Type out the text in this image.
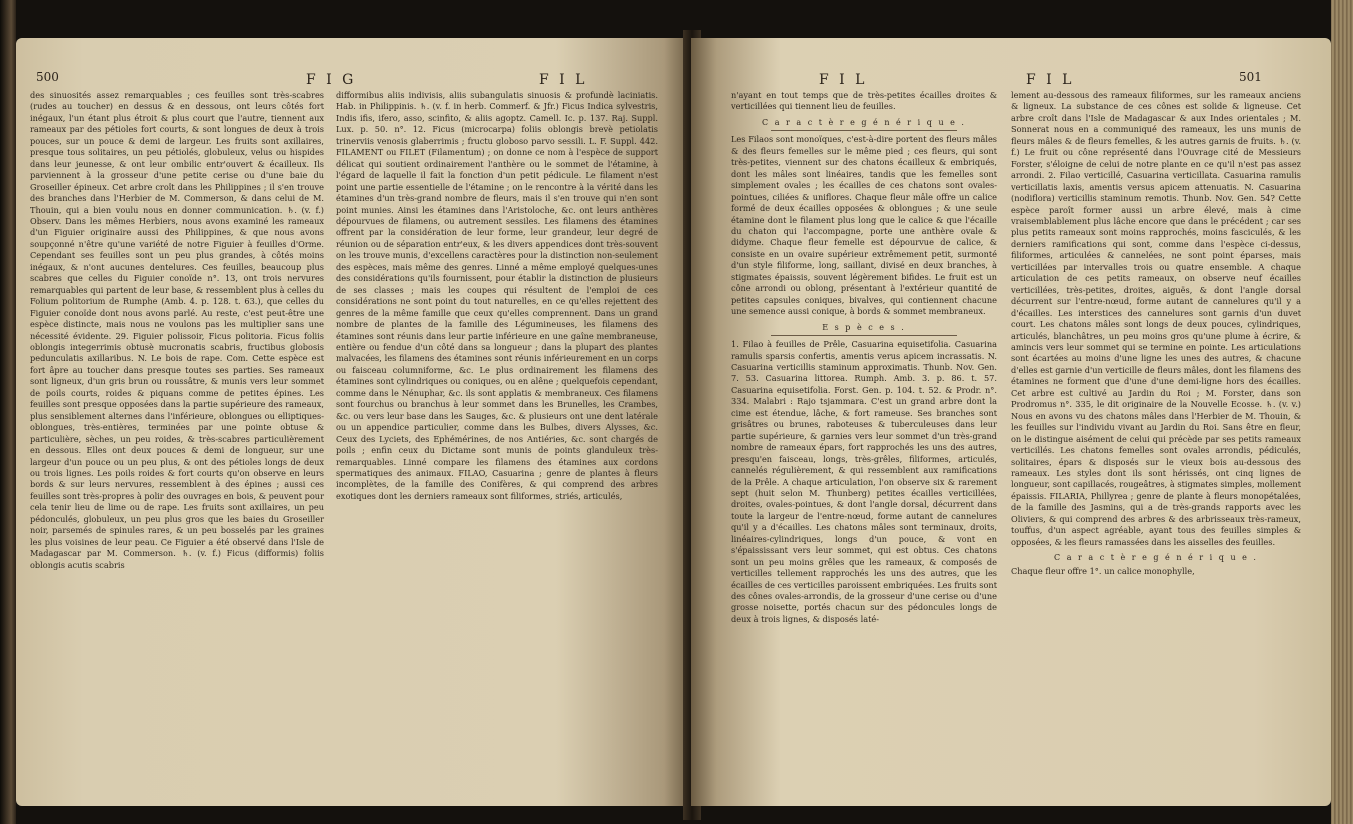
500	F I G	F I L

des sinuosités assez remarquables ; ces feuilles sont très-scabres (rudes au toucher) en dessus & en dessous, ont leurs côtés fort inégaux, l'un étant plus étroit & plus court que l'autre, tiennent aux rameaux par des pétioles fort courts, & sont longues de deux à trois pouces, sur un pouce & demi de largeur. Les fruits sont axillaires, presque tous solitaires, un peu pétiolés, globuleux, velus ou hispides dans leur jeunesse, & ont leur ombilic entr'ouvert & écailleux. Ils parviennent à la grosseur d'une petite cerise ou d'une baie du Groseiller épineux. Cet arbre croît dans les Philippines ; il s'en trouve des branches dans l'Herbier de M. Commerson, & dans celui de M. Thouin, qui a bien voulu nous en donner communication. ♄. (v. f.) Observ. Dans les mêmes Herbiers, nous avons examiné les rameaux d'un Figuier originaire aussi des Philippines, & que nous avons soupçonné n'être qu'une variété de notre Figuier à feuilles d'Orme. Cependant ses feuilles sont un peu plus grandes, à côtés moins inégaux, & n'ont aucunes dentelures. Ces feuilles, beaucoup plus scabres que celles du Figuier conoïde n°. 13, ont trois nervures remarquables qui partent de leur base, & ressemblent plus à celles du Folium politorium de Rumphe (Amb. 4. p. 128. t. 63.), que celles du Figuier conoïde dont nous avons parlé. Au reste, c'est peut-être une espèce distincte, mais nous ne voulons pas les multiplier sans une nécessité évidente. 29. Figuier polissoir, Ficus politoria. Ficus foliis oblongis integerrimis obtusè mucronatis scabris, fructibus globosis pedunculatis axillaribus. N. Le bois de rape. Com. Cette espèce est fort âpre au toucher dans presque toutes ses parties. Ses rameaux sont ligneux, d'un gris brun ou roussâtre, & munis vers leur sommet de poils courts, roides & piquans comme de petites épines. Les feuilles sont presque opposées dans la partie supérieure des rameaux, plus sensiblement alternes dans l'inférieure, oblongues ou elliptiques-oblongues, très-entières, terminées par une pointe obtuse & particulière, sèches, un peu roides, & très-scabres particulièrement en dessous. Elles ont deux pouces & demi de longueur, sur une largeur d'un pouce ou un peu plus, & ont des pétioles longs de deux ou trois lignes. Les poils roides & fort courts qu'on observe en leurs bords & sur leurs nervures, ressemblent à des épines ; aussi ces feuilles sont très-propres à polir des ouvrages en bois, & peuvent pour cela tenir lieu de lime ou de rape. Les fruits sont axillaires, un peu pédonculés, globuleux, un peu plus gros que les baies du Groseiller noir, parsemés de spinules rares, & un peu bosselés par les graines les plus voisines de leur peau. Ce Figuier a été observé dans l'Isle de Madagascar par M. Commerson. ♄. (v. f.) Ficus (difformis) foliis oblongis acutis scabris

difformibus aliis indivisis, aliis subangulatis sinuosis & profundè laciniatis. Hab. in Philippinis. ♄. (v. f. in herb. Commerf. & Jfr.) Ficus Indica sylvestris, Indis ifis, ifero, asso, scinfito, & aliis agoptz. Camell. Ic. p. 137. Raj. Suppl. Lux. p. 50. n°. 12. Ficus (microcarpa) foliis oblongis brevè petiolatis trinerviis venosis glaberrimis ; fructu globoso parvo sessili. L. F. Suppl. 442. FILAMENT ou FILET (Filamentum) ; on donne ce nom à l'espèce de support délicat qui soutient ordinairement l'anthère ou le sommet de l'étamine, à l'égard de laquelle il fait la fonction d'un petit pédicule. Le filament n'est point une partie essentielle de l'étamine ; on le rencontre à la vérité dans les étamines d'un très-grand nombre de fleurs, mais il s'en trouve qui n'en sont point munies. Ainsi les étamines dans l'Aristoloche, &c. ont leurs anthères dépourvues de filamens, ou autrement sessiles. Les filamens des étamines offrent par la considération de leur forme, leur grandeur, leur degré de réunion ou de séparation entr'eux, & les divers appendices dont très-souvent on les trouve munis, d'excellens caractères pour la distinction non-seulement des espèces, mais même des genres. Linné a même employé quelques-unes des considérations qu'ils fournissent, pour établir la distinction de plusieurs de ses classes ; mais les coupes qui résultent de l'emploi de ces considérations ne sont point du tout naturelles, en ce qu'elles rejettent des genres de la même famille que ceux qu'elles comprennent. Dans un grand nombre de plantes de la famille des Légumineuses, les filamens des étamines sont réunis dans leur partie inférieure en une gaîne membraneuse, entière ou fendue d'un côté dans sa longueur ; dans la plupart des plantes malvacées, les filamens des étamines sont réunis inférieurement en un corps ou faisceau columniforme, &c. Le plus ordinairement les filamens des étamines sont cylindriques ou coniques, ou en alêne ; quelquefois cependant, comme dans le Nénuphar, &c. ils sont applatis & membraneux. Ces filamens sont fourchus ou branchus à leur sommet dans les Brunelles, les Crambes, &c. ou vers leur base dans les Sauges, &c. & plusieurs ont une dent latérale ou un appendice particulier, comme dans les Bulbes, divers Alysses, &c. Ceux des Lyciets, des Ephémérines, de nos Antiéries, &c. sont chargés de poils ; enfin ceux du Dictame sont munis de points glanduleux très-remarquables. Linné compare les filamens des étamines aux cordons spermatiques des animaux. FILAO, Casuarina ; genre de plantes à fleurs incomplètes, de la famille des Conifères, & qui comprend des arbres exotiques dont les derniers rameaux sont filiformes, striés, articulés,

F I L	F I L	501

n'ayant en tout temps que de très-petites écailles droites & verticillées qui tiennent lieu de feuilles.

C a r a c t è r e g é n é r i q u e .

Les Filaos sont monoïques, c'est-à-dire portent des fleurs mâles & des fleurs femelles sur le même pied ; ces fleurs, qui sont très-petites, viennent sur des chatons écailleux & embriqués, dont les mâles sont linéaires, tandis que les femelles sont simplement ovales ; les écailles de ces chatons sont ovales-pointues, ciliées & uniflores. Chaque fleur mâle offre un calice formé de deux écailles opposées & oblongues ; & une seule étamine dont le filament plus long que le calice & que l'écaille du chaton qui l'accompagne, porte une anthère ovale & didyme. Chaque fleur femelle est dépourvue de calice, & consiste en un ovaire supérieur extrêmement petit, surmonté d'un style filiforme, long, saillant, divisé en deux branches, à stigmates épaissis, souvent légèrement bifides. Le fruit est un cône arrondi ou oblong, présentant à l'extérieur quantité de petites capsules coniques, bivalves, qui contiennent chacune une semence aussi conique, à bords & sommet membraneux.

E s p è c e s .

1. Filao à feuilles de Prêle, Casuarina equisetifolia. Casuarina ramulis sparsis confertis, amentis verus apicem incrassatis. N. Casuarina verticillis staminum approximatis. Thunb. Nov. Gen. 7. 53. Casuarina littorea. Rumph. Amb. 3. p. 86. t. 57. Casuarina equisetifolia. Forst. Gen. p. 104. t. 52. & Prodr. n°. 334. Malabri : Rajo tsjammara. C'est un grand arbre dont la cime est étendue, lâche, & fort rameuse. Ses branches sont grisâtres ou brunes, raboteuses & tuberculeuses dans leur partie supérieure, & garnies vers leur sommet d'un très-grand nombre de rameaux épars, fort rapprochés les uns des autres, presqu'en faisceau, longs, très-grêles, filiformes, articulés, cannelés régulièrement, & qui ressemblent aux ramifications de la Prêle. A chaque articulation, l'on observe six & rarement sept (huit selon M. Thunberg) petites écailles verticillées, droites, ovales-pointues, & dont l'angle dorsal, décurrent dans toute la largeur de l'entre-nœud, forme autant de cannelures qu'il y a d'écailles. Les chatons mâles sont terminaux, droits, linéaires-cylindriques, longs d'un pouce, & vont en s'épaississant vers leur sommet, qui est obtus. Ces chatons sont un peu moins grêles que les rameaux, & composés de verticilles tellement rapprochés les uns des autres, que les écailles de ces verticilles paroissent embriquées. Les fruits sont des cônes ovales-arrondis, de la grosseur d'une cerise ou d'une grosse noisette, portés chacun sur des pédoncules longs de deux à trois lignes, & disposés laté-

lement au-dessous des rameaux filiformes, sur les rameaux anciens & ligneux. La substance de ces cônes est solide & ligneuse. Cet arbre croît dans l'Isle de Madagascar & aux Indes orientales ; M. Sonnerat nous en a communiqué des rameaux, les uns munis de fleurs mâles & de fleurs femelles, & les autres garnis de fruits. ♄. (v. f.) Le fruit ou cône représenté dans l'Ouvrage cité de Messieurs Forster, s'éloigne de celui de notre plante en ce qu'il n'est pas assez arrondi. 2. Filao verticillé, Casuarina verticillata. Casuarina ramulis verticillatis laxis, amentis versus apicem attenuatis. N. Casuarina (nodiflora) verticillis staminum remotis. Thunb. Nov. Gen. 54? Cette espèce paroît former aussi un arbre élevé, mais à cime vraisemblablement plus lâche encore que dans le précédent ; car ses plus petits rameaux sont moins rapprochés, moins fasciculés, & les derniers ramifications qui sont, comme dans l'espèce ci-dessus, filiformes, articulées & cannelées, ne sont point éparses, mais verticillées par intervalles trois ou quatre ensemble. A chaque articulation de ces petits rameaux, on observe neuf écailles verticillées, très-petites, droites, aiguës, & dont l'angle dorsal décurrent sur l'entre-nœud, forme autant de cannelures qu'il y a d'écailles. Les interstices des cannelures sont garnis d'un duvet court. Les chatons mâles sont longs de deux pouces, cylindriques, articulés, blanchâtres, un peu moins gros qu'une plume à écrire, & amincis vers leur sommet qui se termine en pointe. Les articulations sont écartées au moins d'une ligne les unes des autres, & chacune d'elles est garnie d'un verticille de fleurs mâles, dont les filamens des étamines ne forment que d'une d'une demi-ligne hors des écailles. Cet arbre est cultivé au Jardin du Roi ; M. Forster, dans son Prodromus n°. 335, le dit originaire de la Nouvelle Ecosse. ♄. (v. v.) Nous en avons vu des chatons mâles dans l'Herbier de M. Thouin, & les feuilles sur l'individu vivant au Jardin du Roi. Sans être en fleur, on le distingue aisément de celui qui précède par ses petits rameaux verticillés. Les chatons femelles sont ovales arrondis, pédiculés, solitaires, épars & disposés sur le vieux bois au-dessous des rameaux. Les styles dont ils sont hérissés, ont cinq lignes de longueur, sont capillacés, rougeâtres, à stigmates simples, mollement épaissis. FILARIA, Phillyrea ; genre de plante à fleurs monopétalées, de la famille des Jasmins, qui a de très-grands rapports avec les Oliviers, & qui comprend des arbres & des arbrisseaux très-rameux, touffus, d'un aspect agréable, ayant tous des feuilles simples & opposées, & les fleurs ramassées dans les aisselles des feuilles.

C a r a c t è r e g é n é r i q u e .

Chaque fleur offre 1°. un calice monophylle,
